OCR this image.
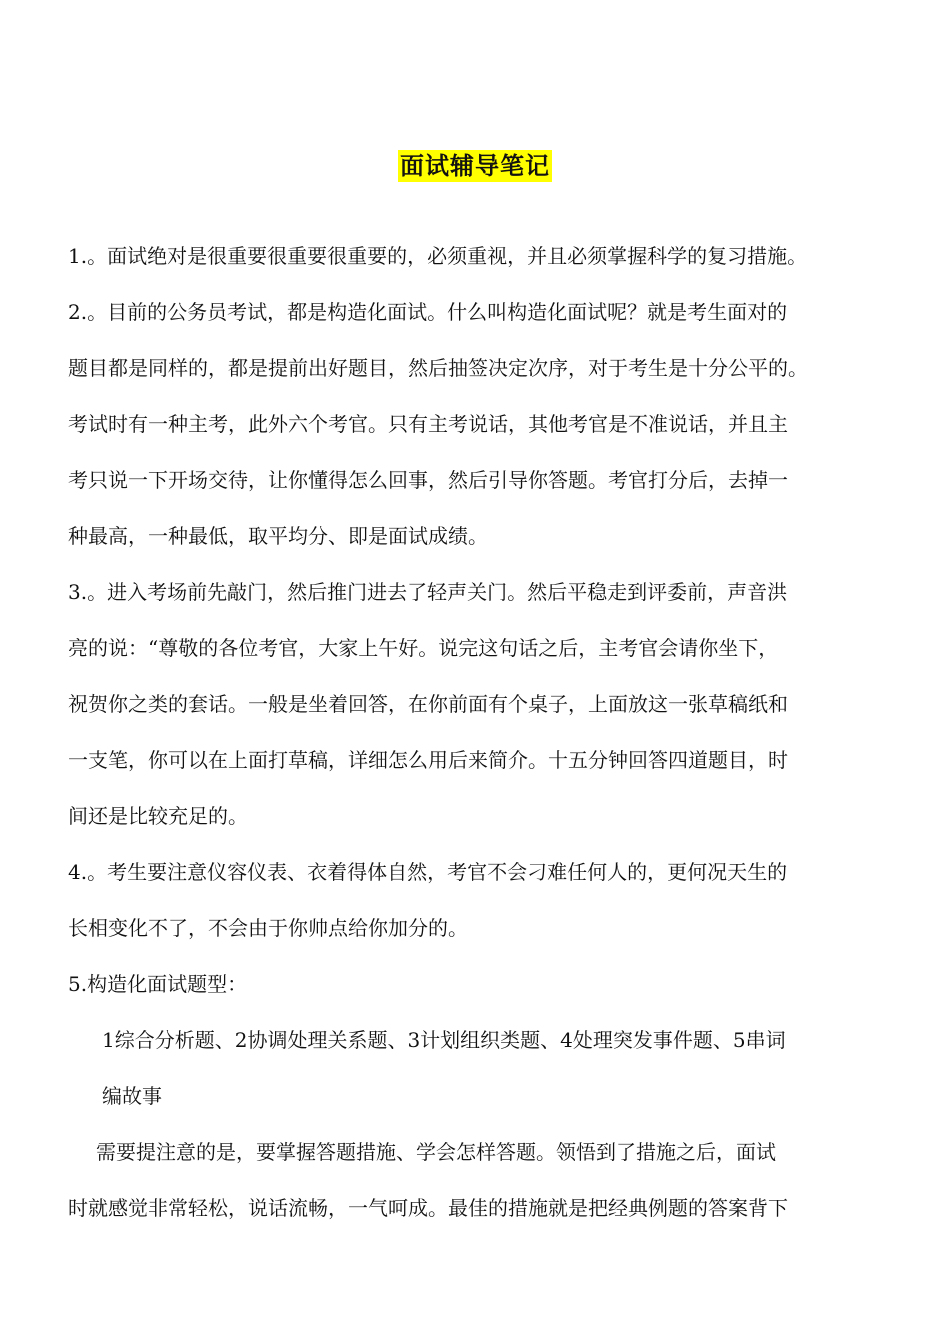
面试辅导笔记

1.。面试绝对是很重要很重要很重要的，必须重视，并且必须掌握科学的复习措施。

2.。目前的公务员考试，都是构造化面试。什么叫构造化面试呢？就是考生面对的
题目都是同样的，都是提前出好题目，然后抽签决定次序，对于考生是十分公平的。
考试时有一种主考，此外六个考官。只有主考说话，其他考官是不准说话，并且主
考只说一下开场交待，让你懂得怎么回事，然后引导你答题。考官打分后，去掉一
种最高，一种最低，取平均分、即是面试成绩。

3.。进入考场前先敲门，然后推门进去了轻声关门。然后平稳走到评委前，声音洪
亮的说：“尊敬的各位考官，大家上午好。说完这句话之后，主考官会请你坐下，
祝贺你之类的套话。一般是坐着回答，在你前面有个桌子，上面放这一张草稿纸和
一支笔，你可以在上面打草稿，详细怎么用后来简介。十五分钟回答四道题目，时
间还是比较充足的。

4.。考生要注意仪容仪表、衣着得体自然，考官不会刁难任何人的，更何况天生的
长相变化不了，不会由于你帅点给你加分的。

5.构造化面试题型：

1综合分析题、2协调处理关系题、3计划组织类题、4处理突发事件题、5串词
编故事

需要提注意的是，要掌握答题措施、学会怎样答题。领悟到了措施之后，面试
时就感觉非常轻松，说话流畅，一气呵成。最佳的措施就是把经典例题的答案背下
